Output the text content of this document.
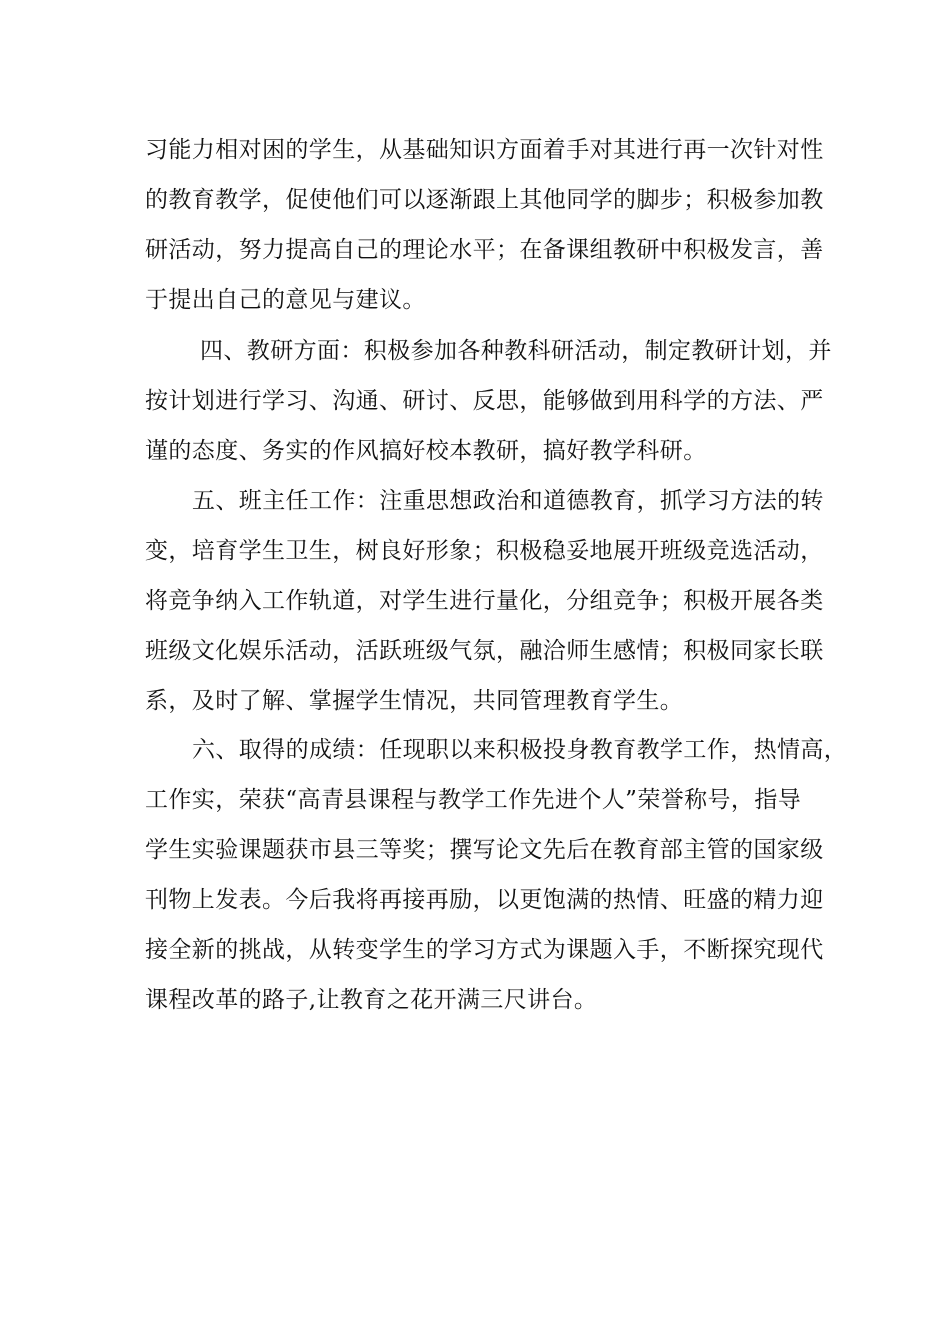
习能力相对困的学生，从基础知识方面着手对其进行再一次针对性
的教育教学，促使他们可以逐渐跟上其他同学的脚步；积极参加教
研活动，努力提高自己的理论水平；在备课组教研中积极发言，善
于提出自己的意见与建议。
四、教研方面：积极参加各种教科研活动，制定教研计划，并
按计划进行学习、沟通、研讨、反思，能够做到用科学的方法、严
谨的态度、务实的作风搞好校本教研，搞好教学科研。
五、班主任工作：注重思想政治和道德教育，抓学习方法的转
变，培育学生卫生，树良好形象；积极稳妥地展开班级竞选活动，
将竞争纳入工作轨道，对学生进行量化，分组竞争；积极开展各类
班级文化娱乐活动，活跃班级气氛，融洽师生感情；积极同家长联
系，及时了解、掌握学生情况，共同管理教育学生。
六、取得的成绩：任现职以来积极投身教育教学工作，热情高，
工作实，荣获“高青县课程与教学工作先进个人”荣誉称号，指导
学生实验课题获市县三等奖；撰写论文先后在教育部主管的国家级
刊物上发表。今后我将再接再励，以更饱满的热情、旺盛的精力迎
接全新的挑战，从转变学生的学习方式为课题入手，不断探究现代
课程改革的路子,让教育之花开满三尺讲台。
